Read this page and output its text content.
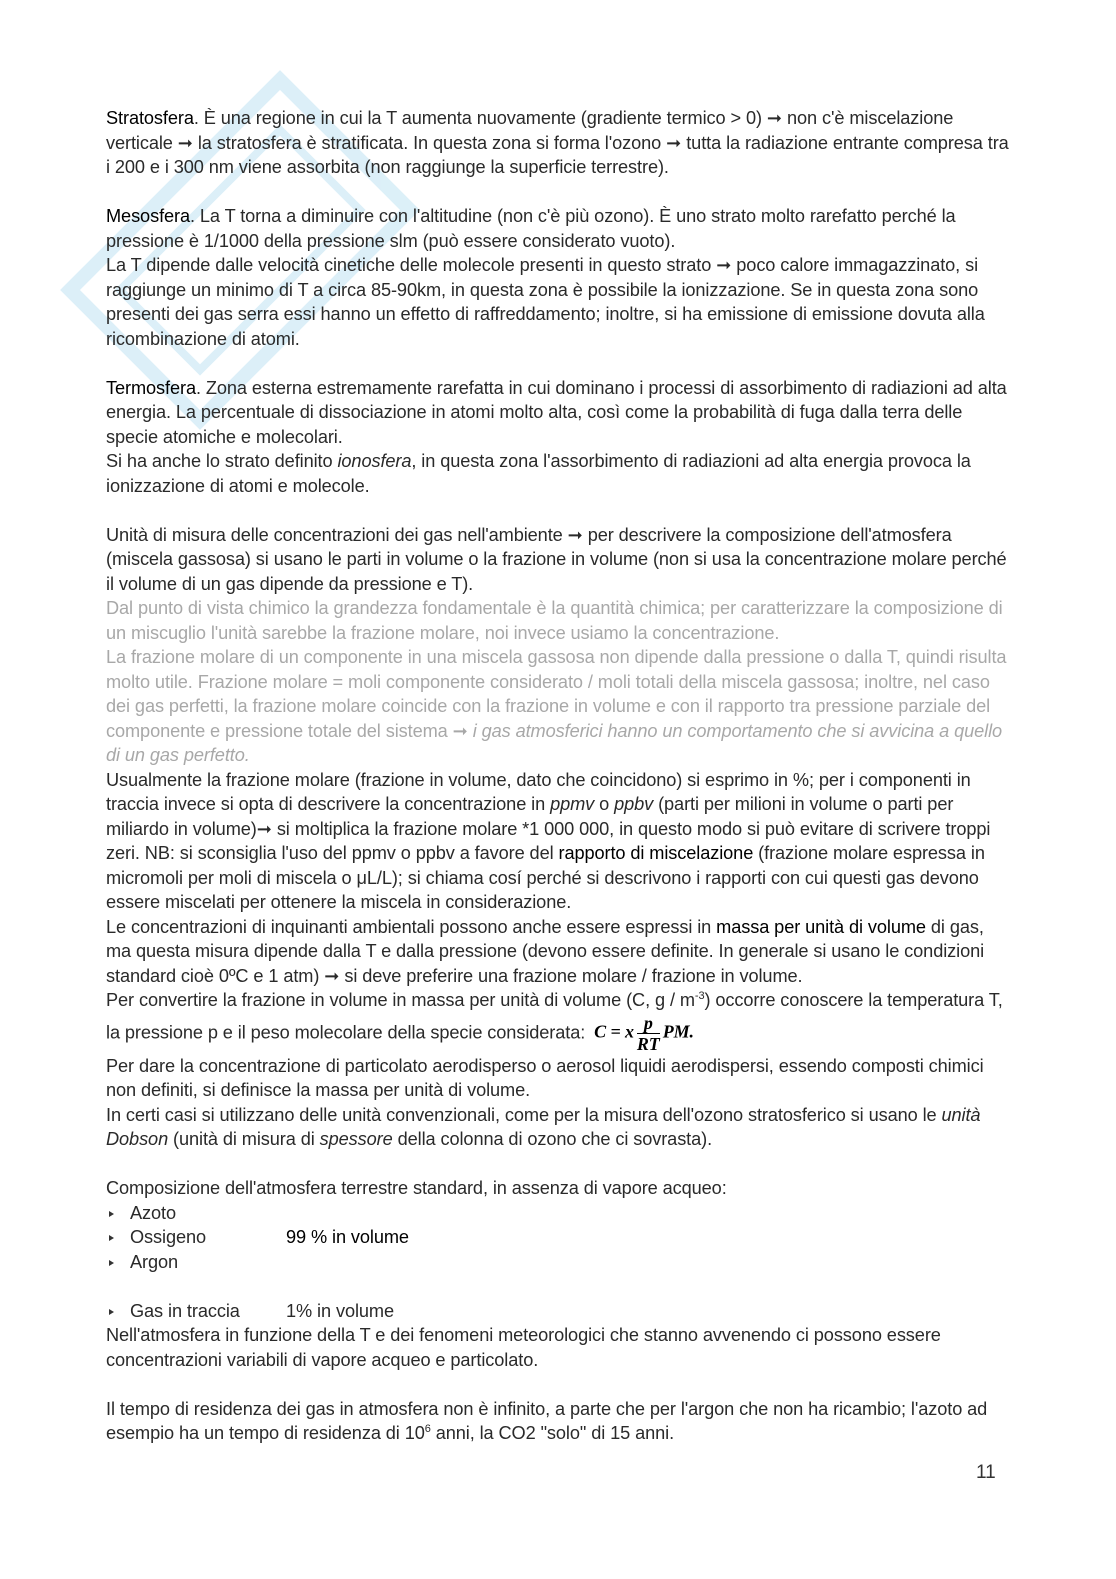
Stratosfera. È una regione in cui la T aumenta nuovamente (gradiente termico > 0) ➞ non c'è miscelazione verticale ➞ la stratosfera è stratificata. In questa zona si forma l'ozono ➞ tutta la radiazione entrante compresa tra i 200 e i 300 nm viene assorbita (non raggiunge la superficie terrestre).

Mesosfera. La T torna a diminuire con l'altitudine (non c'è più ozono). È uno strato molto rarefatto perché la pressione è 1/1000 della pressione slm (può essere considerato vuoto).

La T dipende dalle velocità cinetiche delle molecole presenti in questo strato ➞ poco calore immagazzinato, si raggiunge un minimo di T a circa 85-90km, in questa zona è possibile la ionizzazione. Se in questa zona sono presenti dei gas serra essi hanno un effetto di raffreddamento; inoltre, si ha emissione di emissione dovuta alla ricombinazione di atomi.

Termosfera. Zona esterna estremamente rarefatta in cui dominano i processi di assorbimento di radiazioni ad alta energia. La percentuale di dissociazione in atomi molto alta, così come la probabilità di fuga dalla terra delle specie atomiche e molecolari.

Si ha anche lo strato definito ionosfera, in questa zona l'assorbimento di radiazioni ad alta energia provoca la ionizzazione di atomi e molecole.

Unità di misura delle concentrazioni dei gas nell'ambiente ➞ per descrivere la composizione dell'atmosfera (miscela gassosa) si usano le parti in volume o la frazione in volume (non si usa la concentrazione molare perché il volume di un gas dipende da pressione e T).

Dal punto di vista chimico la grandezza fondamentale è la quantità chimica; per caratterizzare la composizione di un miscuglio l'unità sarebbe la frazione molare, noi invece usiamo la concentrazione.

La frazione molare di un componente in una miscela gassosa non dipende dalla pressione o dalla T, quindi risulta molto utile. Frazione molare = moli componente considerato / moli totali della miscela gassosa; inoltre, nel caso dei gas perfetti, la frazione molare coincide con la frazione in volume e con il rapporto tra pressione parziale del componente e pressione totale del sistema ➞ i gas atmosferici hanno un comportamento che si avvicina a quello di un gas perfetto.

Usualmente la frazione molare (frazione in volume, dato che coincidono) si esprimo in %; per i componenti in traccia invece si opta di descrivere la concentrazione in ppmv o ppbv (parti per milioni in volume o parti per miliardo in volume)➞ si moltiplica la frazione molare *1 000 000, in questo modo si può evitare di scrivere troppi zeri. NB: si sconsiglia l'uso del ppmv o ppbv a favore del rapporto di miscelazione (frazione molare espressa in micromoli per moli di miscela o μL/L); si chiama cosí perché si descrivono i rapporti con cui questi gas devono essere miscelati per ottenere la miscela in considerazione.

Le concentrazioni di inquinanti ambientali possono anche essere espressi in massa per unità di volume di gas, ma questa misura dipende dalla T e dalla pressione (devono essere definite. In generale si usano le condizioni standard cioè 0ºC e 1 atm) ➞ si deve preferire una frazione molare / frazione in volume.

Per convertire la frazione in volume in massa per unità di volume (C, g / $m^{-3}$) occorre conoscere la temperatura T, la pressione p e il peso molecolare della specie considerata: C = x $\frac{p}{RT}$ PM.

Per dare la concentrazione di particolato aerodisperso o aerosol liquidi aerodispersi, essendo composti chimici non definiti, si definisce la massa per unità di volume.

In certi casi si utilizzano delle unità convenzionali, come per la misura dell'ozono stratosferico si usano le unità Dobson (unità di misura di spessore della colonna di ozono che ci sovrasta).

Composizione dell'atmosfera terrestre standard, in assenza di vapore acqueo:

Azoto
Ossigeno
Argon
99 % in volume
Gas in traccia	1% in volume

Nell'atmosfera in funzione della T e dei fenomeni meteorologici che stanno avvenendo ci possono essere concentrazioni variabili di vapore acqueo e particolato.

Il tempo di residenza dei gas in atmosfera non è infinito, a parte che per l'argon che non ha ricambio; l'azoto ad esempio ha un tempo di residenza di $10^6$ anni, la CO2 "solo" di 15 anni.

11
